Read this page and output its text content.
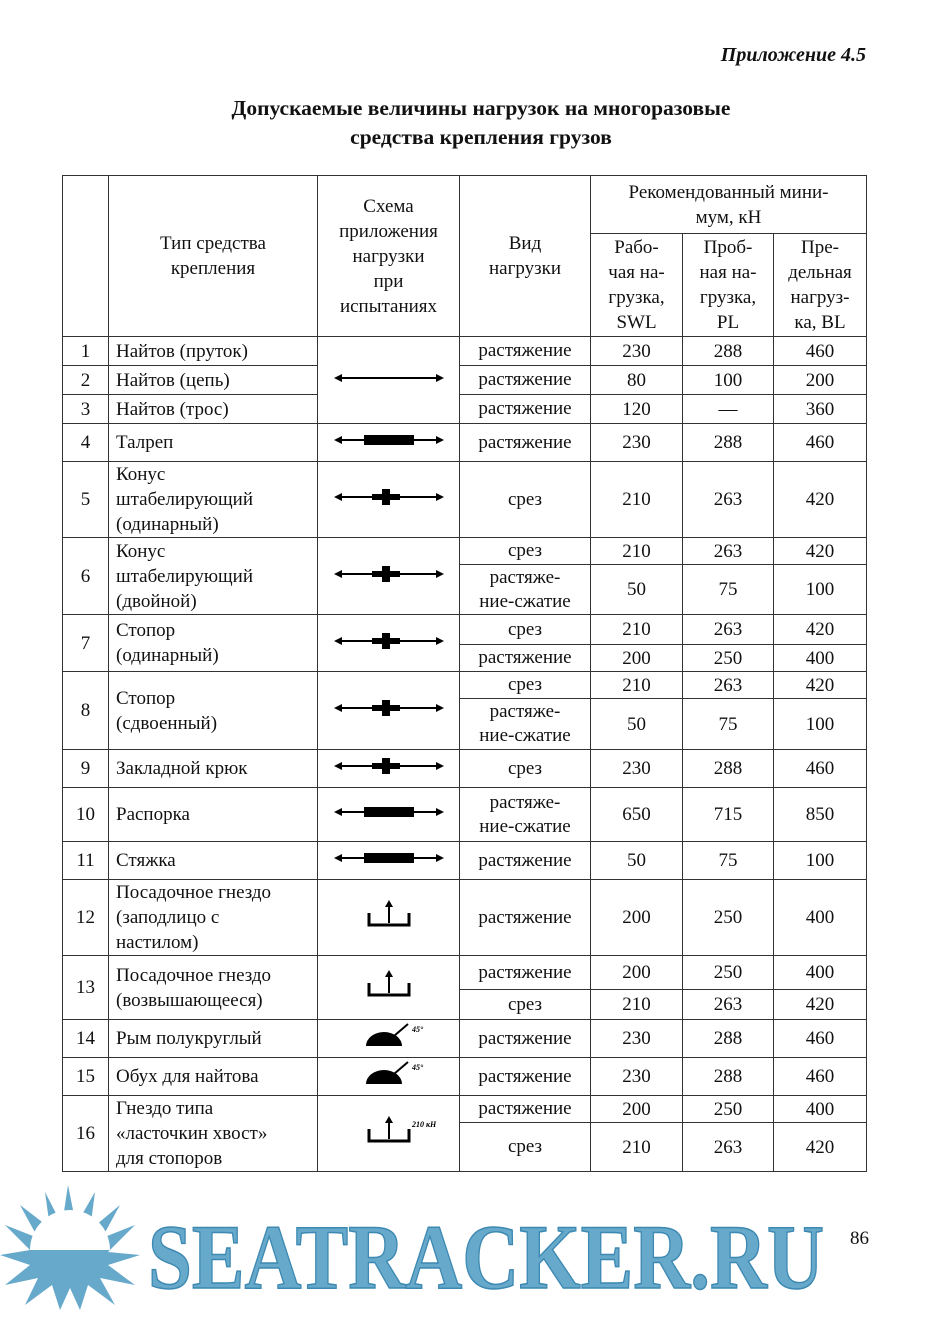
Приложение 4.5
Допускаемые величины нагрузок на многоразовые
средства крепления грузов
	Тип средства
крепления	Схема
приложения
нагрузки
при
испытаниях	Вид
нагрузки	Рекомендованный мини-
мум, кН		
				Рабо-
чая на-
грузка,
SWL	Проб-
ная на-
грузка,
PL	Пре-
дельная
нагруз-
ка, BL
1	Найтов (пруток)		растяжение	230	288	460
2	Найтов (цепь)		растяжение	80	100	200
3	Найтов (трос)		растяжение	120	—	360
4	Талреп		растяжение	230	288	460
5	Конус
штабелирующий
(одинарный)		срез	210	263	420
6	Конус
штабелирующий
(двойной)		срез	210	263	420
			растяже-
ние-сжатие	50	75	100
7	Стопор
(одинарный)		срез	210	263	420
			растяжение	200	250	400
8	Стопор
(сдвоенный)		срез	210	263	420
			растяже-
ние-сжатие	50	75	100
9	Закладной крюк		срез	230	288	460
10	Распорка		растяже-
ние-сжатие	650	715	850
11	Стяжка		растяжение	50	75	100
12	Посадочное гнездо
(заподлицо с
настилом)		растяжение	200	250	400
13	Посадочное гнездо
(возвышающееся)		растяжение	200	250	400
			срез	210	263	420
14	Рым полукруглый	45°	растяжение	230	288	460
15	Обух для найтова	45°	растяжение	230	288	460
16	Гнездо типа
«ласточкин хвост»
для стопоров	210 кН	растяжение	200	250	400
			срез	210	263	420
SEATRACKER.RU 86
